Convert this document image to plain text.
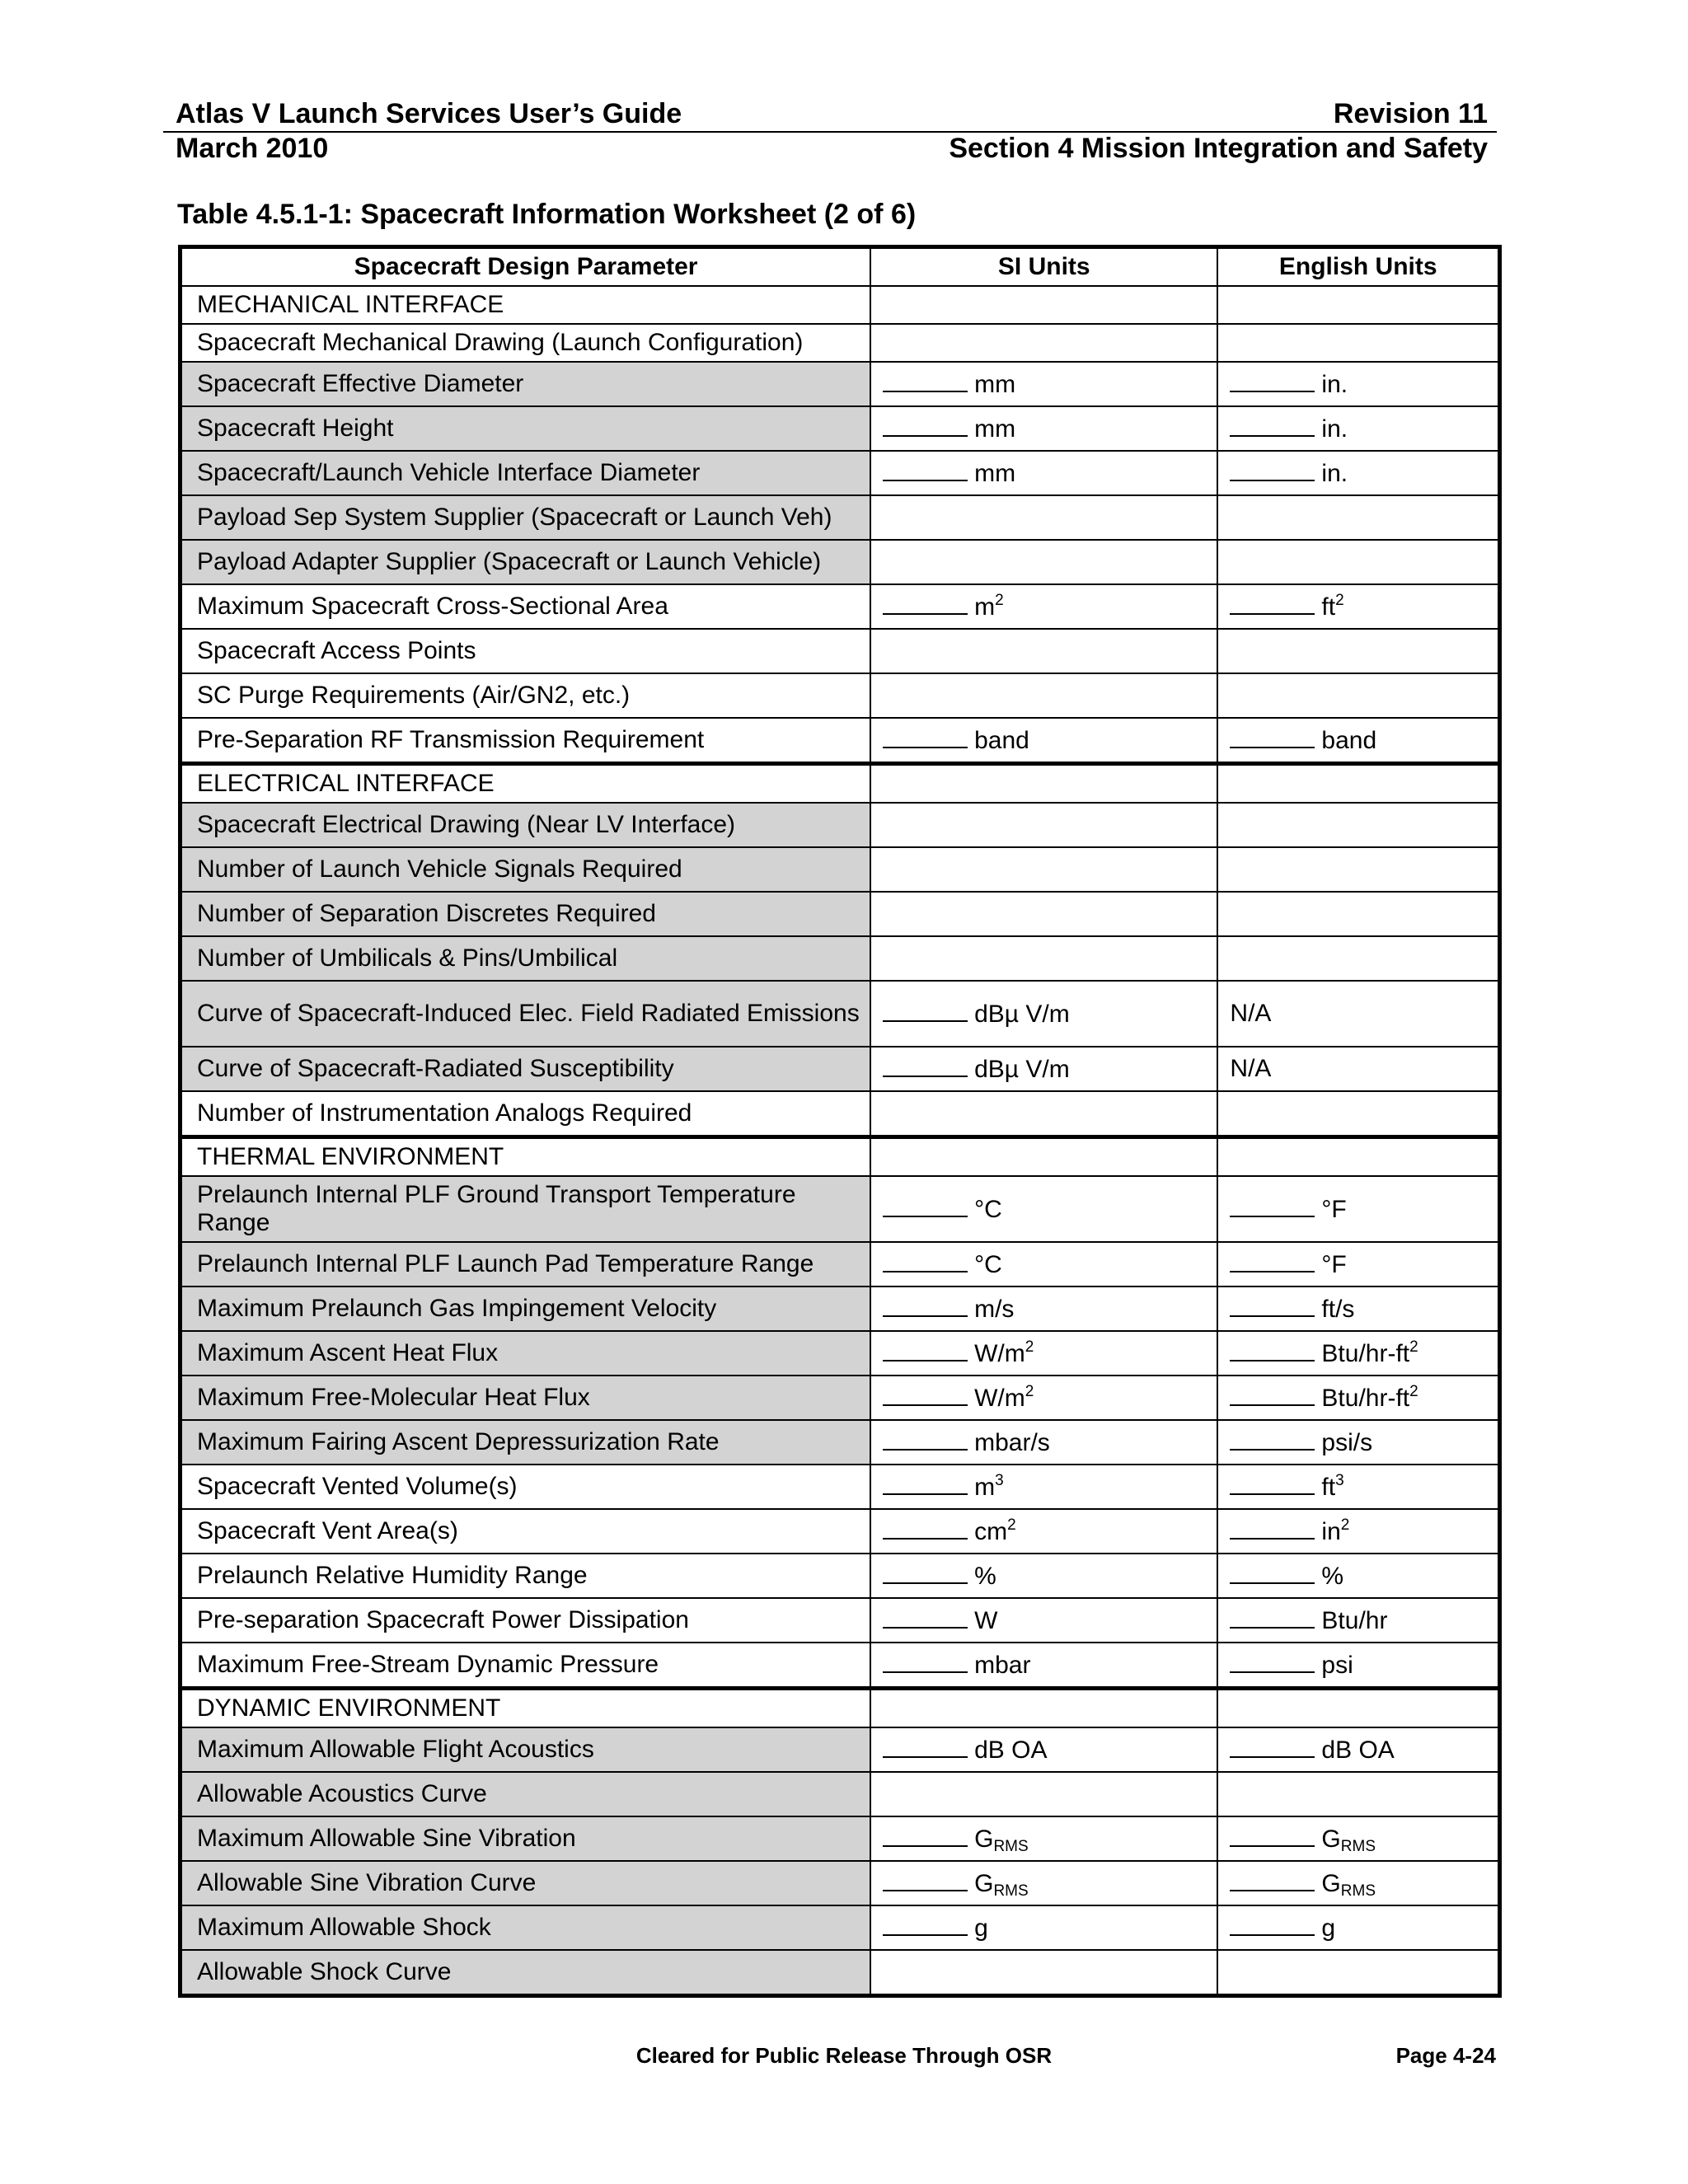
Atlas V Launch Services User’s Guide	Revision 11
March 2010	Section 4 Mission Integration and Safety
Table 4.5.1-1: Spacecraft Information Worksheet (2 of 6)
Spacecraft Design Parameter	SI Units	English Units
MECHANICAL INTERFACE		
Spacecraft Mechanical Drawing (Launch Configuration)		
Spacecraft Effective Diameter	mm	in.
Spacecraft Height	mm	in.
Spacecraft/Launch Vehicle Interface Diameter	mm	in.
Payload Sep System Supplier (Spacecraft or Launch Veh)		
Payload Adapter Supplier (Spacecraft or Launch Vehicle)		
Maximum Spacecraft Cross-Sectional Area	$m^2$	$ft^2$
Spacecraft Access Points		
SC Purge Requirements (Air/GN2, etc.)		
Pre-Separation RF Transmission Requirement	band	band
ELECTRICAL INTERFACE		
Spacecraft Electrical Drawing (Near LV Interface)		
Number of Launch Vehicle Signals Required		
Number of Separation Discretes Required		
Number of Umbilicals & Pins/Umbilical		
Curve of Spacecraft-Induced Elec. Field Radiated Emissions	dBµ V/m	N/A
Curve of Spacecraft-Radiated Susceptibility	dBµ V/m	N/A
Number of Instrumentation Analogs Required		
THERMAL ENVIRONMENT		
Prelaunch Internal PLF Ground Transport Temperature Range	°C	°F
Prelaunch Internal PLF Launch Pad Temperature Range	°C	°F
Maximum Prelaunch Gas Impingement Velocity	m/s	ft/s
Maximum Ascent Heat Flux	$W/m^2$	Btu/$hr-ft^2$
Maximum Free-Molecular Heat Flux	$W/m^2$	Btu/$hr-ft^2$
Maximum Fairing Ascent Depressurization Rate	mbar/s	psi/s
Spacecraft Vented Volume(s)	$m^3$	$ft^3$
Spacecraft Vent Area(s)	$cm^2$	$in^2$
Prelaunch Relative Humidity Range	%	%
Pre-separation Spacecraft Power Dissipation	W	Btu/hr
Maximum Free-Stream Dynamic Pressure	mbar	psi
DYNAMIC ENVIRONMENT		
Maximum Allowable Flight Acoustics	dB OA	dB OA
Allowable Acoustics Curve		
Maximum Allowable Sine Vibration	$G_{RMS}$	$G_{RMS}$
Allowable Sine Vibration Curve	$G_{RMS}$	$G_{RMS}$
Maximum Allowable Shock	g	g
Allowable Shock Curve		
Cleared for Public Release Through OSR	Page 4-24
